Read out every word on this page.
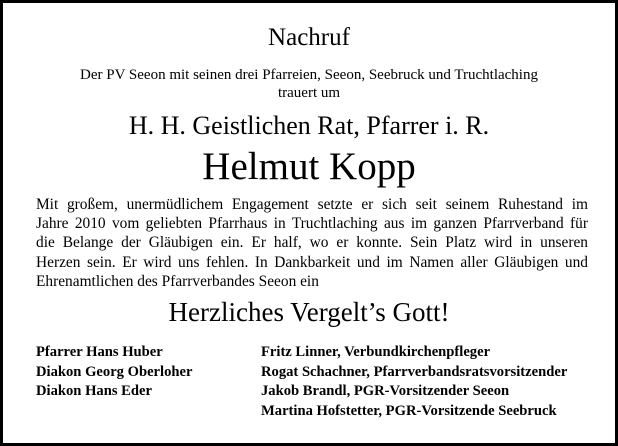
Nachruf
Der PV Seeon mit seinen drei Pfarreien, Seeon, Seebruck und Truchtlaching
trauert um
H. H. Geistlichen Rat, Pfarrer i. R.
Helmut Kopp
Mit großem, unermüdlichem Engagement setzte er sich seit seinem Ruhestand im
Jahre 2010 vom geliebten Pfarrhaus in Truchtlaching aus im ganzen Pfarrverband für
die Belange der Gläubigen ein. Er half, wo er konnte. Sein Platz wird in unseren
Herzen sein. Er wird uns fehlen. In Dankbarkeit und im Namen aller Gläubigen und
Ehrenamtlichen des Pfarrverbandes Seeon ein
Herzliches Vergelt’s Gott!
Pfarrer Hans Huber
Diakon Georg Oberloher
Diakon Hans Eder
Fritz Linner, Verbundkirchenpfleger
Rogat Schachner, Pfarrverbandsratsvorsitzender
Jakob Brandl, PGR-Vorsitzender Seeon
Martina Hofstetter, PGR-Vorsitzende Seebruck
